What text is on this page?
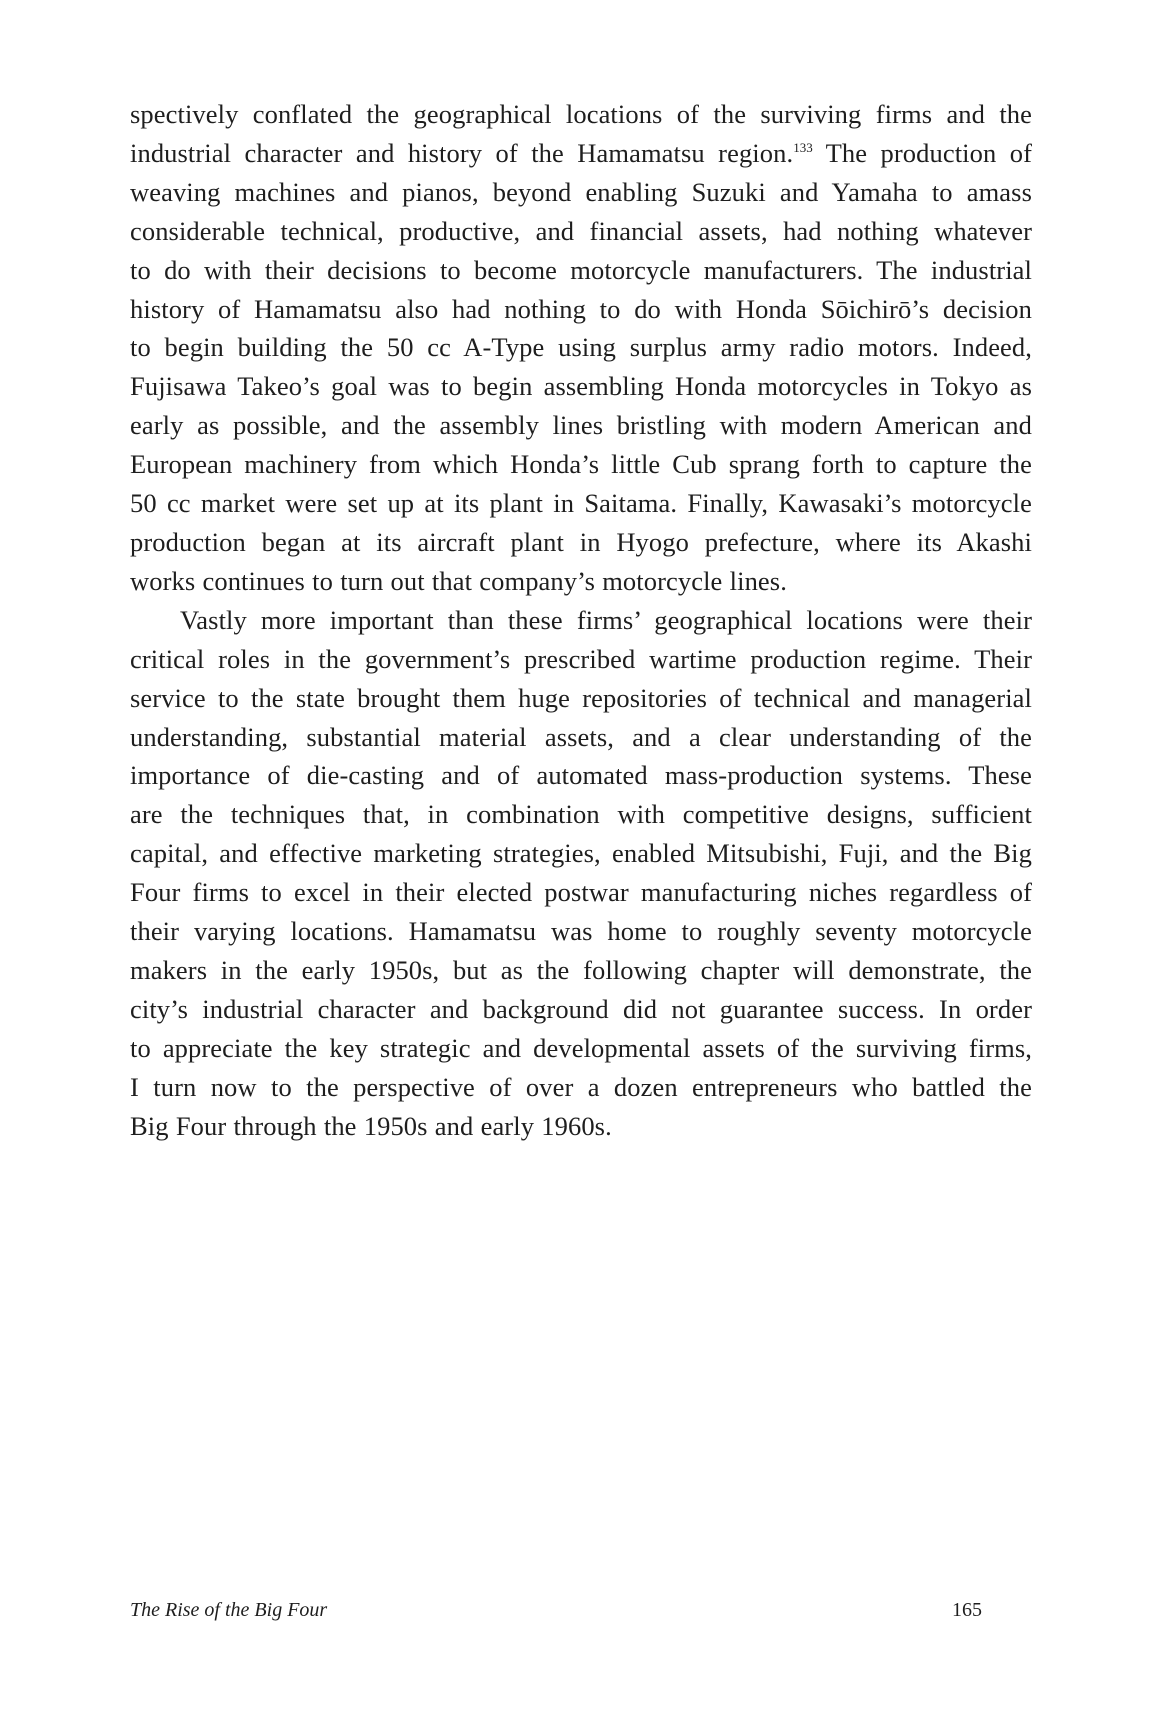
spectively conflated the geographical locations of the surviving firms and the
industrial character and history of the Hamamatsu region.$^{133}$ The production of
weaving machines and pianos, beyond enabling Suzuki and Yamaha to amass
considerable technical, productive, and financial assets, had nothing whatever
to do with their decisions to become motorcycle manufacturers. The industrial
history of Hamamatsu also had nothing to do with Honda Sōichirō’s decision
to begin building the 50 cc A-Type using surplus army radio motors. Indeed,
Fujisawa Takeo’s goal was to begin assembling Honda motorcycles in Tokyo as
early as possible, and the assembly lines bristling with modern American and
European machinery from which Honda’s little Cub sprang forth to capture the
50 cc market were set up at its plant in Saitama. Finally, Kawasaki’s motorcycle
production began at its aircraft plant in Hyogo prefecture, where its Akashi
works continues to turn out that company’s motorcycle lines.

Vastly more important than these firms’ geographical locations were their
critical roles in the government’s prescribed wartime production regime. Their
service to the state brought them huge repositories of technical and managerial
understanding, substantial material assets, and a clear understanding of the
importance of die-casting and of automated mass-production systems. These
are the techniques that, in combination with competitive designs, sufficient
capital, and effective marketing strategies, enabled Mitsubishi, Fuji, and the Big
Four firms to excel in their elected postwar manufacturing niches regardless of
their varying locations. Hamamatsu was home to roughly seventy motorcycle
makers in the early 1950s, but as the following chapter will demonstrate, the
city’s industrial character and background did not guarantee success. In order
to appreciate the key strategic and developmental assets of the surviving firms,
I turn now to the perspective of over a dozen entrepreneurs who battled the
Big Four through the 1950s and early 1960s.

The Rise of the Big Four	165
